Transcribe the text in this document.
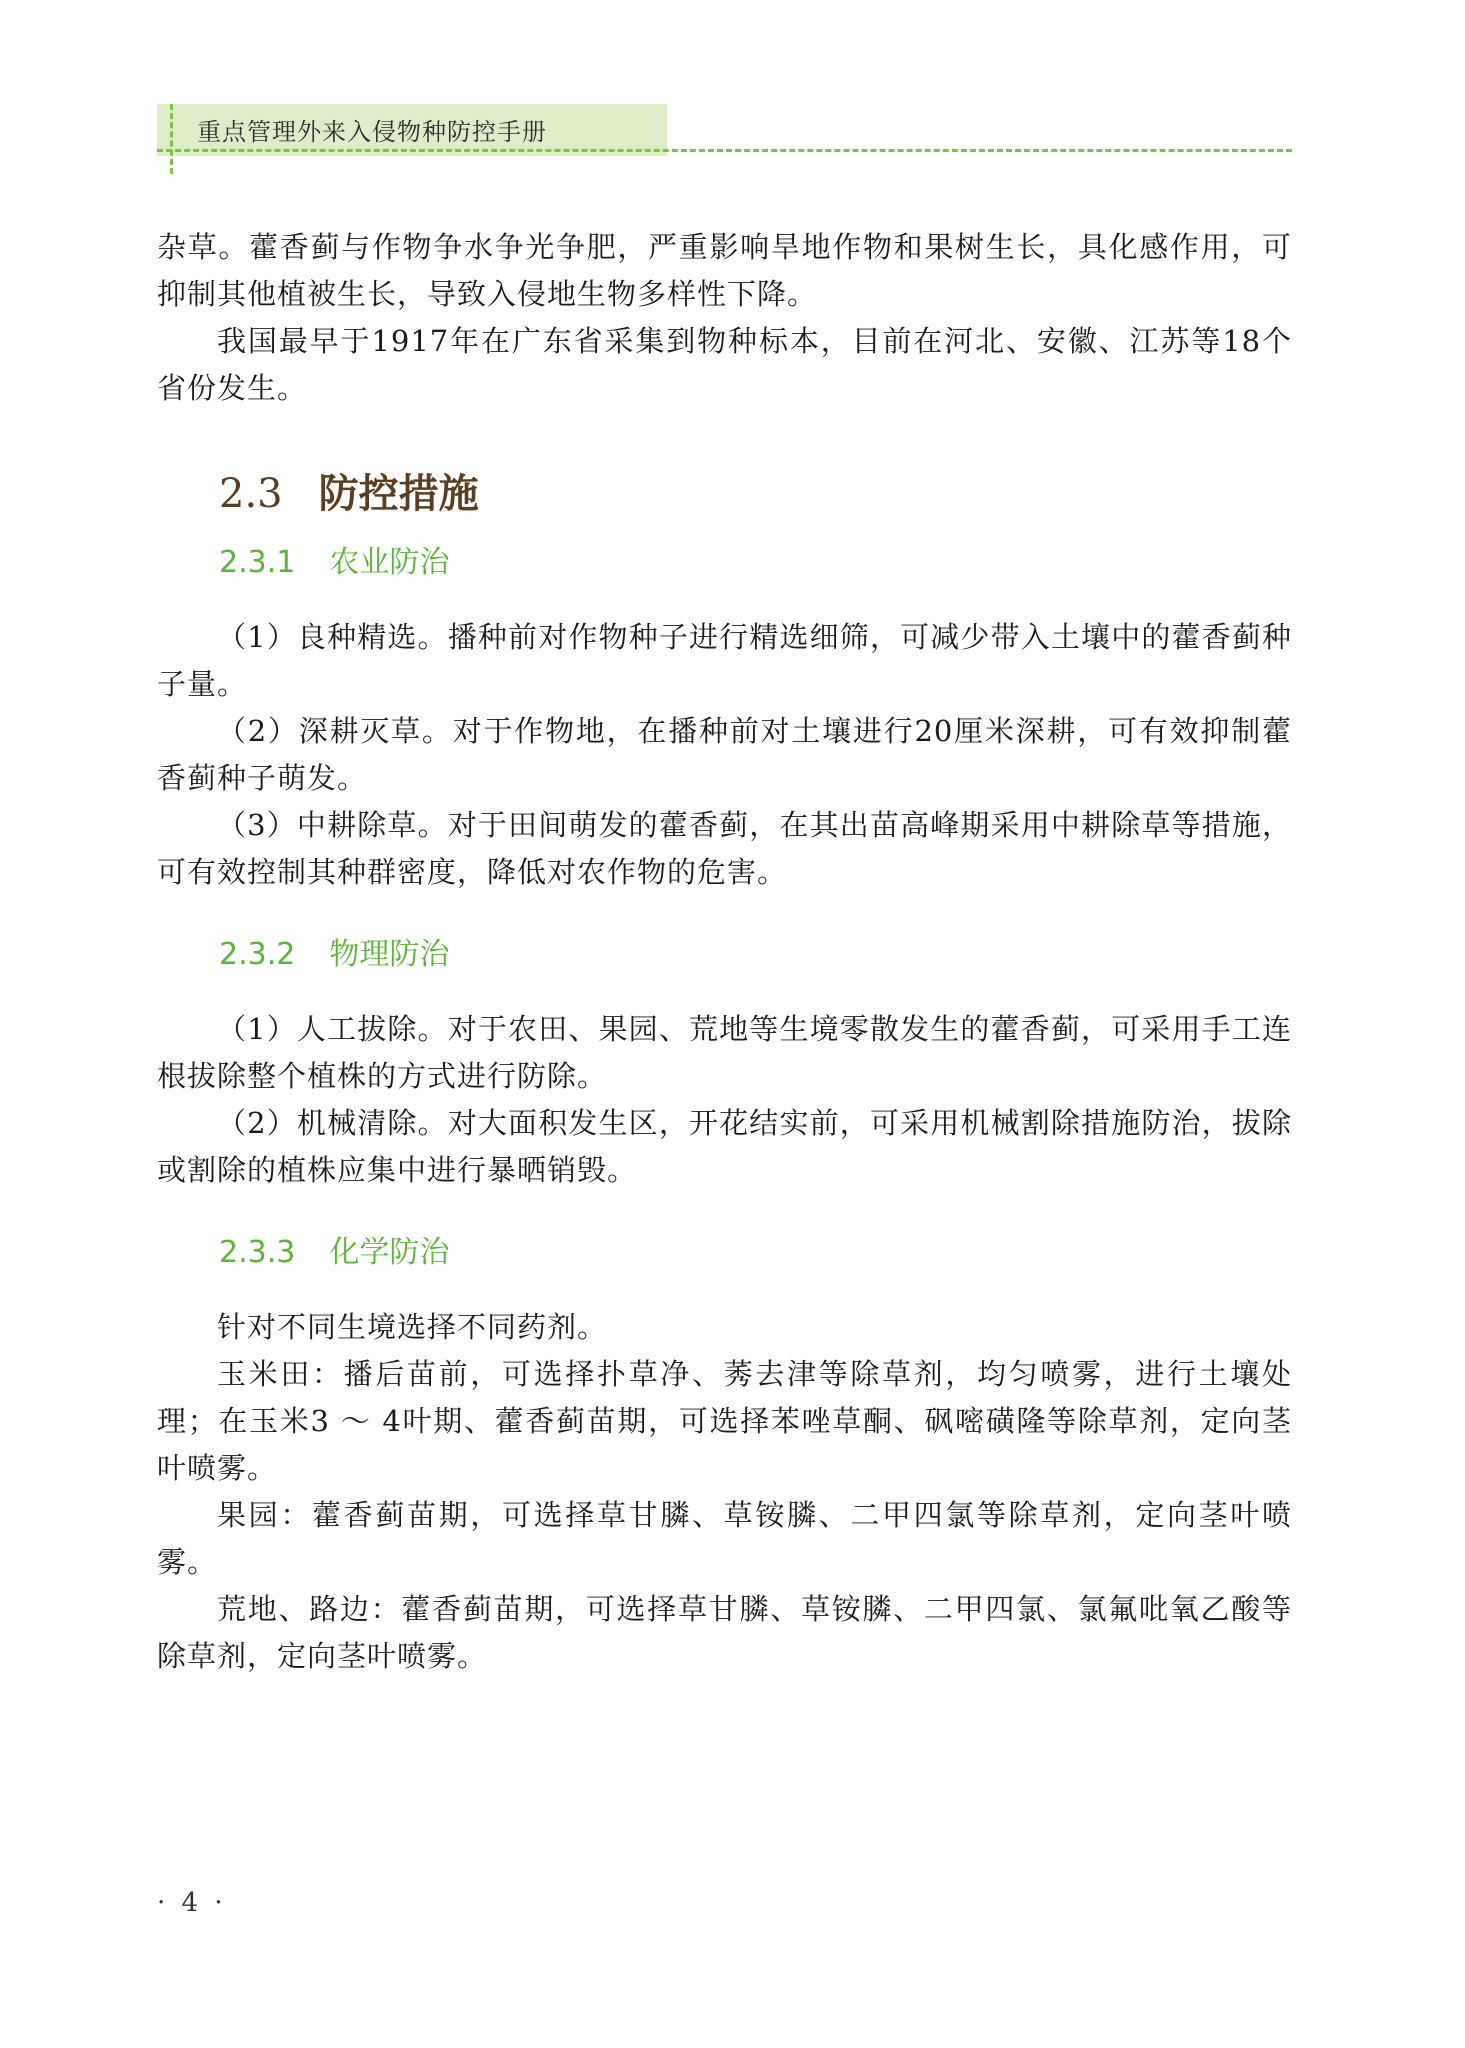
重点管理外来入侵物种防控手册

杂草。藿香蓟与作物争水争光争肥，严重影响旱地作物和果树生长，具化感作用，可抑制其他植被生长，导致入侵地生物多样性下降。

我国最早于1917年在广东省采集到物种标本，目前在河北、安徽、江苏等18个省份发生。

2.3 防控措施
2.3.1 农业防治

（1）良种精选。播种前对作物种子进行精选细筛，可减少带入土壤中的藿香蓟种子量。

（2）深耕灭草。对于作物地，在播种前对土壤进行20厘米深耕，可有效抑制藿香蓟种子萌发。

（3）中耕除草。对于田间萌发的藿香蓟，在其出苗高峰期采用中耕除草等措施，可有效控制其种群密度，降低对农作物的危害。

2.3.2 物理防治

（1）人工拔除。对于农田、果园、荒地等生境零散发生的藿香蓟，可采用手工连根拔除整个植株的方式进行防除。

（2）机械清除。对大面积发生区，开花结实前，可采用机械割除措施防治，拔除或割除的植株应集中进行暴晒销毁。

2.3.3 化学防治

针对不同生境选择不同药剂。

玉米田：播后苗前，可选择扑草净、莠去津等除草剂，均匀喷雾，进行土壤处理；在玉米3 ～ 4叶期、藿香蓟苗期，可选择苯唑草酮、砜嘧磺隆等除草剂，定向茎叶喷雾。

果园：藿香蓟苗期，可选择草甘膦、草铵膦、二甲四氯等除草剂，定向茎叶喷雾。

荒地、路边：藿香蓟苗期，可选择草甘膦、草铵膦、二甲四氯、氯氟吡氧乙酸等除草剂，定向茎叶喷雾。

· 4 ·
